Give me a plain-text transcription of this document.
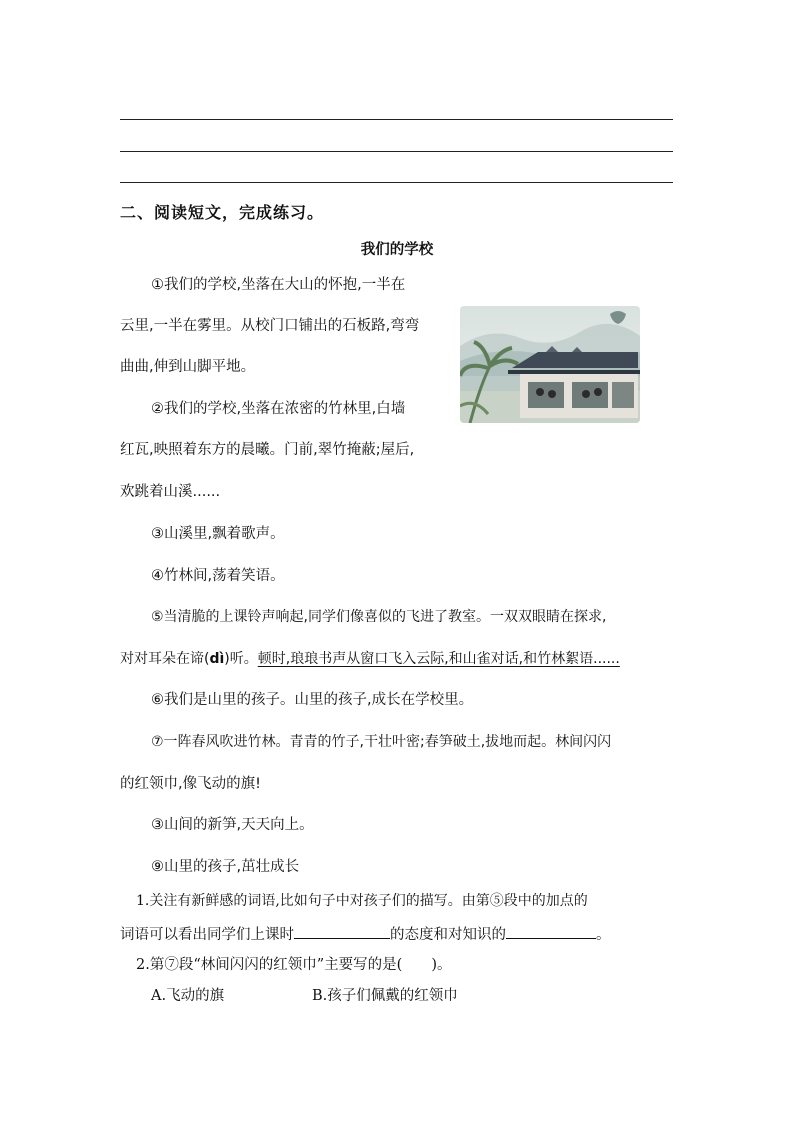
二、阅读短文，完成练习。
我们的学校
①我们的学校,坐落在大山的怀抱,一半在
云里,一半在雾里。从校门口铺出的石板路,弯弯
曲曲,伸到山脚平地。
②我们的学校,坐落在浓密的竹林里,白墙
红瓦,映照着东方的晨曦。门前,翠竹掩蔽;屋后,
欢跳着山溪......
③山溪里,飘着歌声。
④竹林间,荡着笑语。
⑤当清脆的上课铃声响起,同学们像喜似的飞进了教室。一双双眼睛在探求,
对对耳朵在谛(dì)听。顿时,琅琅书声从窗口飞入云际,和山雀对话,和竹林絮语......
⑥我们是山里的孩子。山里的孩子,成长在学校里。
⑦一阵春风吹进竹林。青青的竹子,干壮叶密;春笋破土,拔地而起。林间闪闪
的红领巾,像飞动的旗!
③山间的新笋,天天向上。
⑨山里的孩子,茁壮成长
1.关注有新鲜感的词语,比如句子中对孩子们的描写。由第⑤段中的加点的
词语可以看出同学们上课时	的态度和对知识的	。
2.第⑦段“林间闪闪的红领巾”主要写的是(　　)。
A.飞动的旗	B.孩子们佩戴的红领巾
